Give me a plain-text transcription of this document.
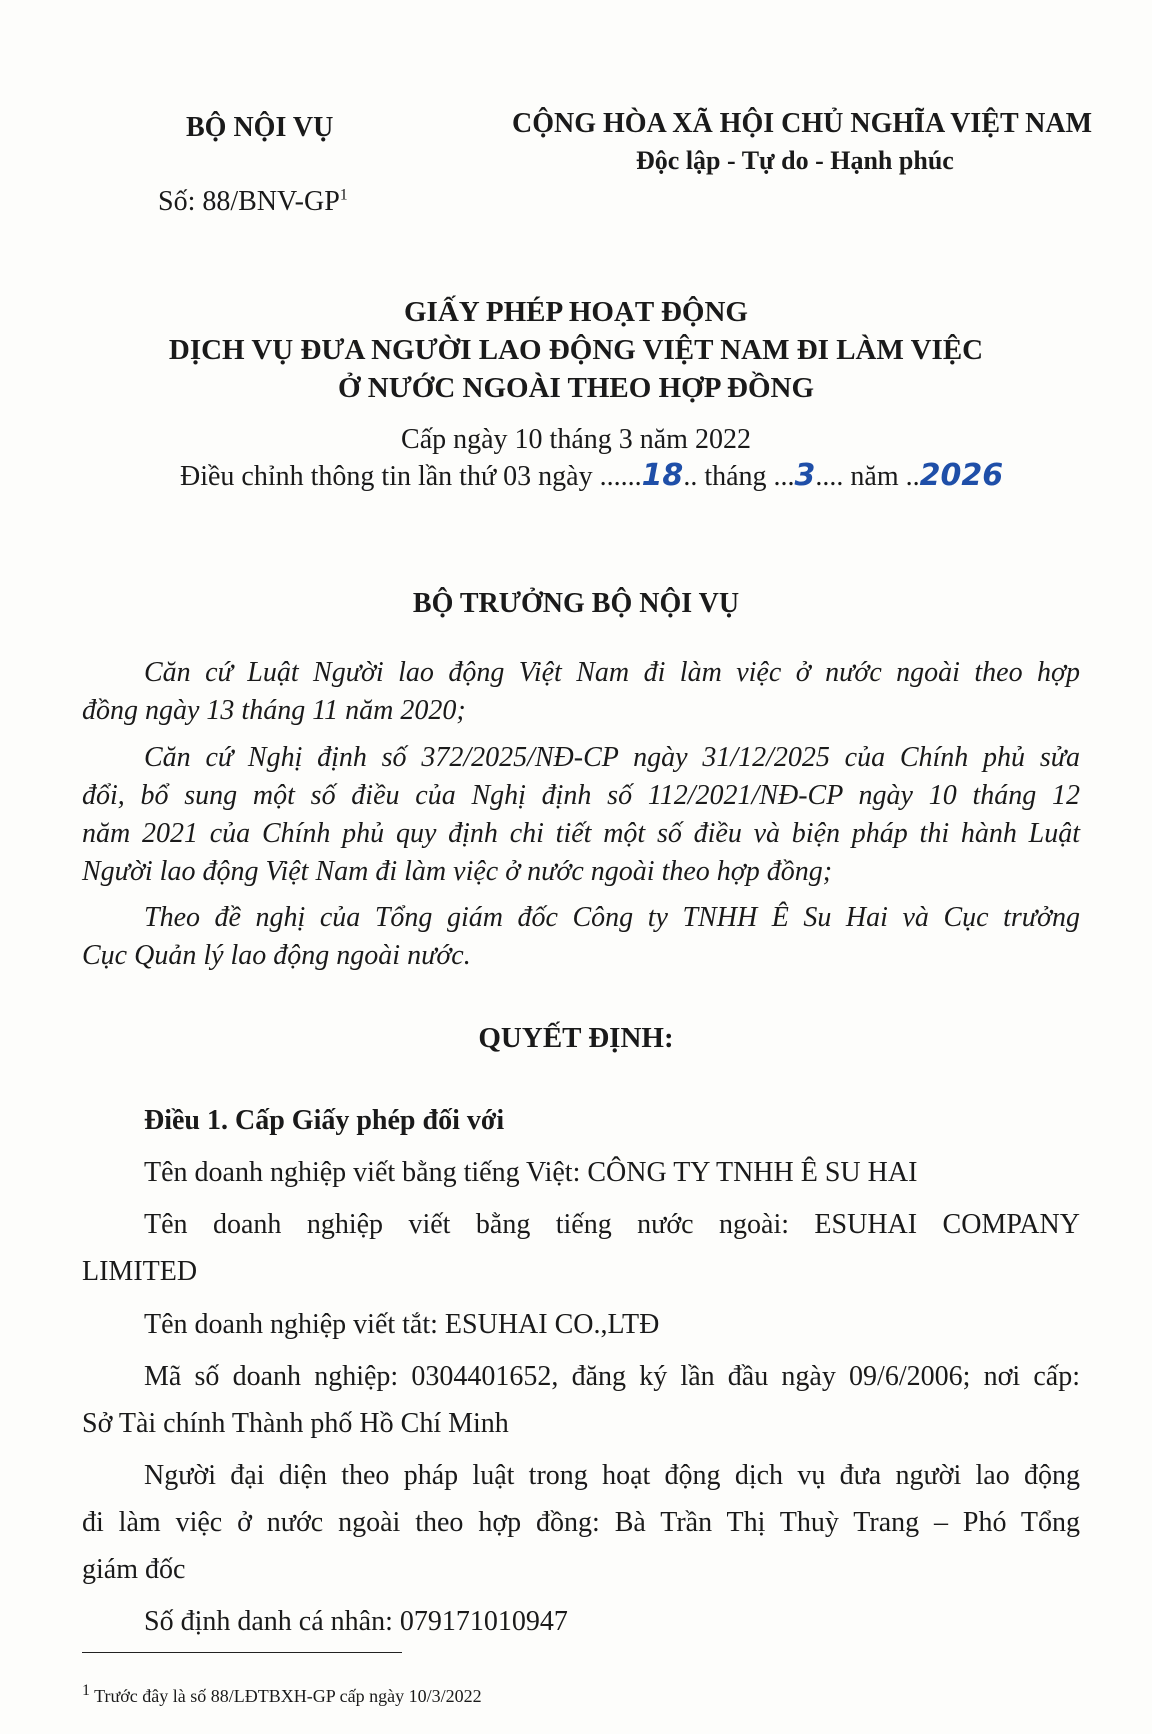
BỘ NỘI VỤ	CỘNG HÒA XÃ HỘI CHỦ NGHĨA VIỆT NAM
Độc lập - Tự do - Hạnh phúc
Số: $88/BNV-GP^1$
GIẤY PHÉP HOẠT ĐỘNG
DỊCH VỤ ĐƯA NGƯỜI LAO ĐỘNG VIỆT NAM ĐI LÀM VIỆC
Ở NƯỚC NGOÀI THEO HỢP ĐỒNG
Cấp ngày 10 tháng 3 năm 2022
Điều chỉnh thông tin lần thứ 03 ngày ......18.. tháng ...3.... năm ..2026
BỘ TRƯỞNG BỘ NỘI VỤ
Căn cứ Luật Người lao động Việt Nam đi làm việc ở nước ngoài theo hợp
đồng ngày 13 tháng 11 năm 2020;
Căn cứ Nghị định số 372/2025/NĐ-CP ngày 31/12/2025 của Chính phủ sửa
đổi, bổ sung một số điều của Nghị định số 112/2021/NĐ-CP ngày 10 tháng 12
năm 2021 của Chính phủ quy định chi tiết một số điều và biện pháp thi hành Luật
Người lao động Việt Nam đi làm việc ở nước ngoài theo hợp đồng;
Theo đề nghị của Tổng giám đốc Công ty TNHH Ê Su Hai và Cục trưởng
Cục Quản lý lao động ngoài nước.
QUYẾT ĐỊNH:
Điều 1. Cấp Giấy phép đối với
Tên doanh nghiệp viết bằng tiếng Việt: CÔNG TY TNHH Ê SU HAI
Tên doanh nghiệp viết bằng tiếng nước ngoài: ESUHAI COMPANY
LIMITED
Tên doanh nghiệp viết tắt: ESUHAI CO.,LTĐ
Mã số doanh nghiệp: 0304401652, đăng ký lần đầu ngày 09/6/2006; nơi cấp:
Sở Tài chính Thành phố Hồ Chí Minh
Người đại diện theo pháp luật trong hoạt động dịch vụ đưa người lao động
đi làm việc ở nước ngoài theo hợp đồng: Bà Trần Thị Thuỳ Trang – Phó Tổng
giám đốc
Số định danh cá nhân: 079171010947
$^1$ Trước đây là số 88/LĐTBXH-GP cấp ngày 10/3/2022
